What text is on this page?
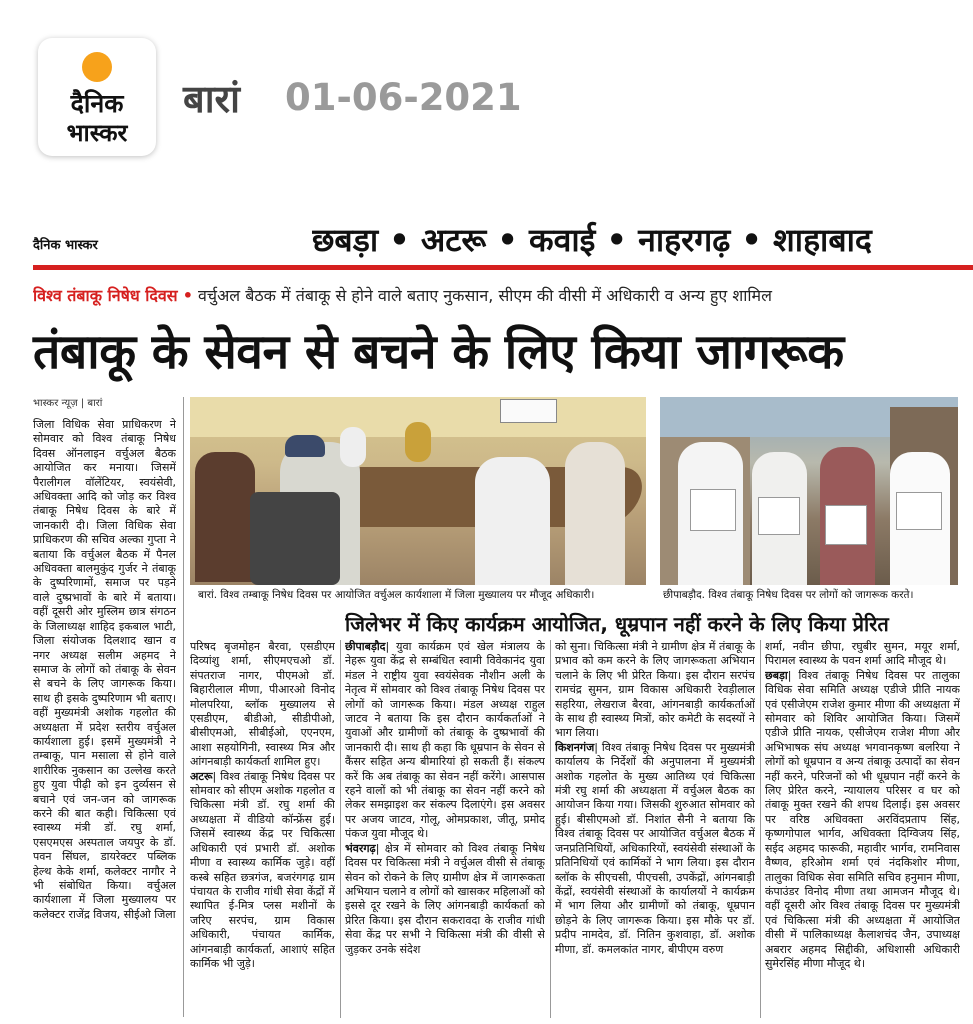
दैनिक
भास्कर
बारां 01-06-2021
दैनिक भास्कर	छबड़ा • अटरू • कवाई • नाहरगढ़ • शाहाबाद
विश्व तंबाकू निषेध दिवस • वर्चुअल बैठक में तंबाकू से होने वाले बताए नुकसान, सीएम की वीसी में अधिकारी व अन्य हुए शामिल
तंबाकू के सेवन से बचने के लिए किया जागरूक
भास्कर न्यूज़ | बारां
जिला विधिक सेवा प्राधिकरण ने सोमवार को विश्व तंबाकू निषेध दिवस ऑनलाइन वर्चुअल बैठक आयोजित कर मनाया। जिसमें पैरालीगल वॉलेंटियर, स्वयंसेवी, अधिवक्ता आदि को जोड़ कर विश्व तंबाकू निषेध दिवस के बारे में जानकारी दी। जिला विधिक सेवा प्राधिकरण की सचिव अल्का गुप्ता ने बताया कि वर्चुअल बैठक में पैनल अधिवक्ता बालमुकुंद गुर्जर ने तंबाकू के दुष्परिणामों, समाज पर पड़ने वाले दुष्प्रभावों के बारे में बताया। वहीं दूसरी ओर मुस्लिम छात्र संगठन के जिलाध्यक्ष शाहिद इकबाल भाटी, जिला संयोजक दिलशाद खान व नगर अध्यक्ष सलीम अहमद ने समाज के लोगों को तंबाकू के सेवन से बचने के लिए जागरूक किया। साथ ही इसके दुष्परिणाम भी बताए। वहीं मुख्यमंत्री अशोक गहलोत की अध्यक्षता में प्रदेश स्तरीय वर्चुअल कार्यशाला हुई। इसमें मुख्यमंत्री ने तम्बाकू, पान मसाला से होने वाले शारीरिक नुकसान का उल्लेख करते हुए युवा पीढ़ी को इन दुर्व्यसन से बचाने एवं जन-जन को जागरूक करने की बात कही। चिकित्सा एवं स्वास्थ्य मंत्री डॉ. रघु शर्मा, एसएमएस अस्पताल जयपुर के डॉ. पवन सिंघल, डायरेक्टर पब्लिक हेल्थ केके शर्मा, कलेक्टर नागौर ने भी संबोधित किया। वर्चुअल कार्यशाला में जिला मुख्यालय पर कलेक्टर राजेंद्र विजय, सीईओ जिला
बारां. विश्व तम्बाकू निषेध दिवस पर आयोजित वर्चुअल कार्यशाला में जिला मुख्यालय पर मौजूद अधिकारी।	छीपाबड़ौद. विश्व तंबाकू निषेध दिवस पर लोगों को जागरूक करते।
जिलेभर में किए कार्यक्रम आयोजित, धूम्रपान नहीं करने के लिए किया प्रेरित
परिषद बृजमोहन बैरवा, एसडीएम दिव्यांशु शर्मा, सीएमएचओ डॉ. संपतराज नागर, पीएमओ डॉ. बिहारीलाल मीणा, पीआरओ विनोद मोलपरिया, ब्लॉक मुख्यालय से एसडीएम, बीडीओ, सीडीपीओ, बीसीएमओ, सीबीईओ, एएनएम, आशा सहयोगिनी, स्वास्थ्य मित्र और आंगनबाड़ी कार्यकर्ता शामिल हुए।
अटरू| विश्व तंबाकू निषेध दिवस पर सोमवार को सीएम अशोक गहलोत व चिकित्सा मंत्री डॉ. रघु शर्मा की अध्यक्षता में वीडियो कॉन्फ्रेंस हुई। जिसमें स्वास्थ्य केंद्र पर चिकित्सा अधिकारी एवं प्रभारी डॉ. अशोक मीणा व स्वास्थ्य कार्मिक जुड़े। वहीं कस्बे सहित छत्रगंज, बजरंगगढ़ ग्राम पंचायत के राजीव गांधी सेवा केंद्रों में स्थापित ई-मित्र प्लस मशीनों के जरिए सरपंच, ग्राम विकास अधिकारी, पंचायत कार्मिक, आंगनबाड़ी कार्यकर्ता, आशाएं सहित कार्मिक भी जुड़े।
छीपाबड़ौद| युवा कार्यक्रम एवं खेल मंत्रालय के नेहरू युवा केंद्र से सम्बंधित स्वामी विवेकानंद युवा मंडल ने राष्ट्रीय युवा स्वयंसेवक नौशीन अली के नेतृत्व में सोमवार को विश्व तंबाकू निषेध दिवस पर लोगों को जागरूक किया। मंडल अध्यक्ष राहुल जाटव ने बताया कि इस दौरान कार्यकर्ताओं ने युवाओं और ग्रामीणों को तंबाकू के दुष्प्रभावों की जानकारी दी। साथ ही कहा कि धूम्रपान के सेवन से कैंसर सहित अन्य बीमारियां हो सकती हैं। संकल्प करें कि अब तंबाकू का सेवन नहीं करेंगे। आसपास रहने वालों को भी तंबाकू का सेवन नहीं करने को लेकर समझाइश कर संकल्प दिलाएंगे। इस अवसर पर अजय जाटव, गोलू, ओमप्रकाश, जीतू, प्रमोद पंकज युवा मौजूद थे।
भंवरगढ़| क्षेत्र में सोमवार को विश्व तंबाकू निषेध दिवस पर चिकित्सा मंत्री ने वर्चुअल वीसी से तंबाकू सेवन को रोकने के लिए ग्रामीण क्षेत्र में जागरूकता अभियान चलाने व लोगों को खासकर महिलाओं को इससे दूर रखने के लिए आंगनबाड़ी कार्यकर्ता को प्रेरित किया। इस दौरान सकरावदा के राजीव गांधी सेवा केंद्र पर सभी ने चिकित्सा मंत्री की वीसी से जुड़कर उनके संदेश
को सुना। चिकित्सा मंत्री ने ग्रामीण क्षेत्र में तंबाकू के प्रभाव को कम करने के लिए जागरूकता अभियान चलाने के लिए भी प्रेरित किया। इस दौरान सरपंच रामचंद्र सुमन, ग्राम विकास अधिकारी रेवड़ीलाल सहरिया, लेखराज बैरवा, आंगनबाड़ी कार्यकर्ताओं के साथ ही स्वास्थ्य मित्रों, कोर कमेटी के सदस्यों ने भाग लिया।
किशनगंज| विश्व तंबाकू निषेध दिवस पर मुख्यमंत्री कार्यालय के निर्देशों की अनुपालना में मुख्यमंत्री अशोक गहलोत के मुख्य आतिथ्य एवं चिकित्सा मंत्री रघु शर्मा की अध्यक्षता में वर्चुअल बैठक का आयोजन किया गया। जिसकी शुरुआत सोमवार को हुई। बीसीएमओ डॉ. निशांत सैनी ने बताया कि विश्व तंबाकू दिवस पर आयोजित वर्चुअल बैठक में जनप्रतिनिधियों, अधिकारियों, स्वयंसेवी संस्थाओं के प्रतिनिधियों एवं कार्मिकों ने भाग लिया। इस दौरान ब्लॉक के सीएचसी, पीएचसी, उपकेंद्रों, आंगनबाड़ी केंद्रों, स्वयंसेवी संस्थाओं के कार्यालयों ने कार्यक्रम में भाग लिया और ग्रामीणों को तंबाकू, धूम्रपान छोड़ने के लिए जागरूक किया। इस मौके पर डॉ. प्रदीप नामदेव, डॉ. नितिन कुशवाहा, डॉ. अशोक मीणा, डॉ. कमलकांत नागर, बीपीएम वरुण
शर्मा, नवीन छीपा, रघुबीर सुमन, मयूर शर्मा, पिरामल स्वास्थ्य के पवन शर्मा आदि मौजूद थे।
छबड़ा| विश्व तंबाकू निषेध दिवस पर तालुका विधिक सेवा समिति अध्यक्ष एडीजे प्रीति नायक एवं एसीजेएम राजेश कुमार मीणा की अध्यक्षता में सोमवार को शिविर आयोजित किया। जिसमें एडीजे प्रीति नायक, एसीजेएम राजेश मीणा और अभिभाषक संघ अध्यक्ष भगवानकृष्ण बलरिया ने लोगों को धूम्रपान व अन्य तंबाकू उत्पादों का सेवन नहीं करने, परिजनों को भी धूम्रपान नहीं करने के लिए प्रेरित करने, न्यायालय परिसर व घर को तंबाकू मुक्त रखने की शपथ दिलाई। इस अवसर पर वरिष्ठ अधिवक्ता अरविंदप्रताप सिंह, कृष्णगोपाल भार्गव, अधिवक्ता दिग्विजय सिंह, सईद अहमद फारूकी, महावीर भार्गव, रामनिवास वैष्णव, हरिओम शर्मा एवं नंदकिशोर मीणा, तालुका विधिक सेवा समिति सचिव हनुमान मीणा, कंपाउंडर विनोद मीणा तथा आमजन मौजूद थे। वहीं दूसरी ओर विश्व तंबाकू दिवस पर मुख्यमंत्री एवं चिकित्सा मंत्री की अध्यक्षता में आयोजित वीसी में पालिकाध्यक्ष कैलाशचंद जैन, उपाध्यक्ष अबरार अहमद सिद्दीकी, अधिशासी अधिकारी सुमेरसिंह मीणा मौजूद थे।
